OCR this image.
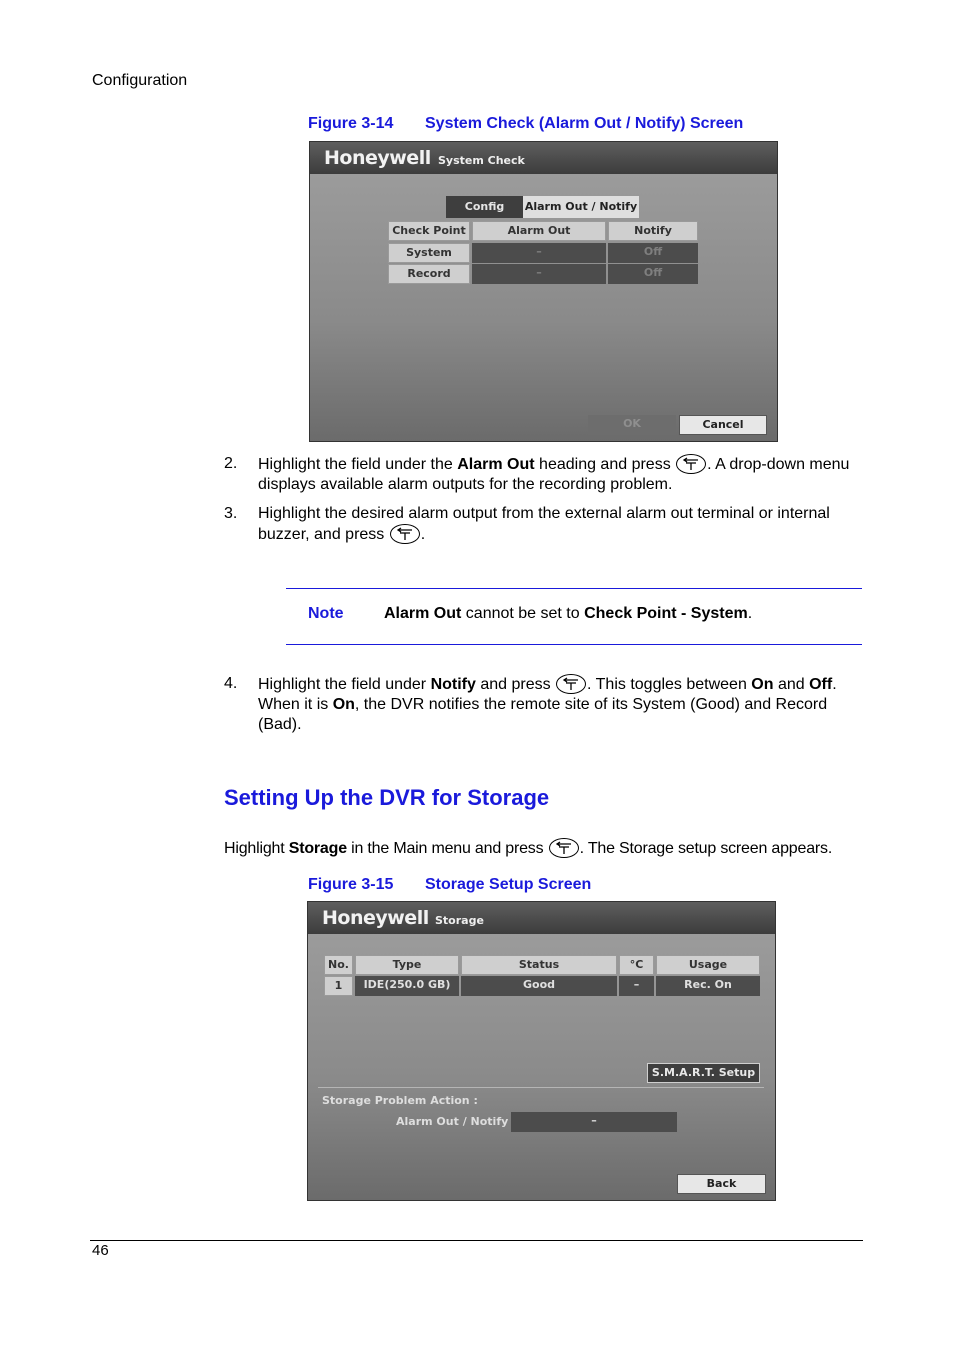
Configuration
Figure 3-14 System Check (Alarm Out / Notify) Screen
Honeywell System Check
Config	Alarm Out / Notify
Check Point	Alarm Out	Notify
System	–	Off
Record	–	Off
OK	Cancel
2. Highlight the field under the Alarm Out heading and press
. A drop-down menu displays available alarm outputs for the recording problem.
3. Highlight the desired alarm output from the external alarm out terminal or internal buzzer, and press
.
Note	Alarm Out cannot be set to Check Point - System.
4. Highlight the field under Notify and press
. This toggles between On and Off. When it is On, the DVR notifies the remote site of its System (Good) and Record (Bad).
Setting Up the DVR for Storage
Highlight Storage in the Main menu and press
. The Storage setup screen appears.
Figure 3-15 Storage Setup Screen
Honeywell Storage
No.	Type	Status	°C	Usage
1	IDE(250.0 GB)	Good	–	Rec. On
S.M.A.R.T. Setup
Storage Problem Action :
Alarm Out / Notify	–
Back
46
